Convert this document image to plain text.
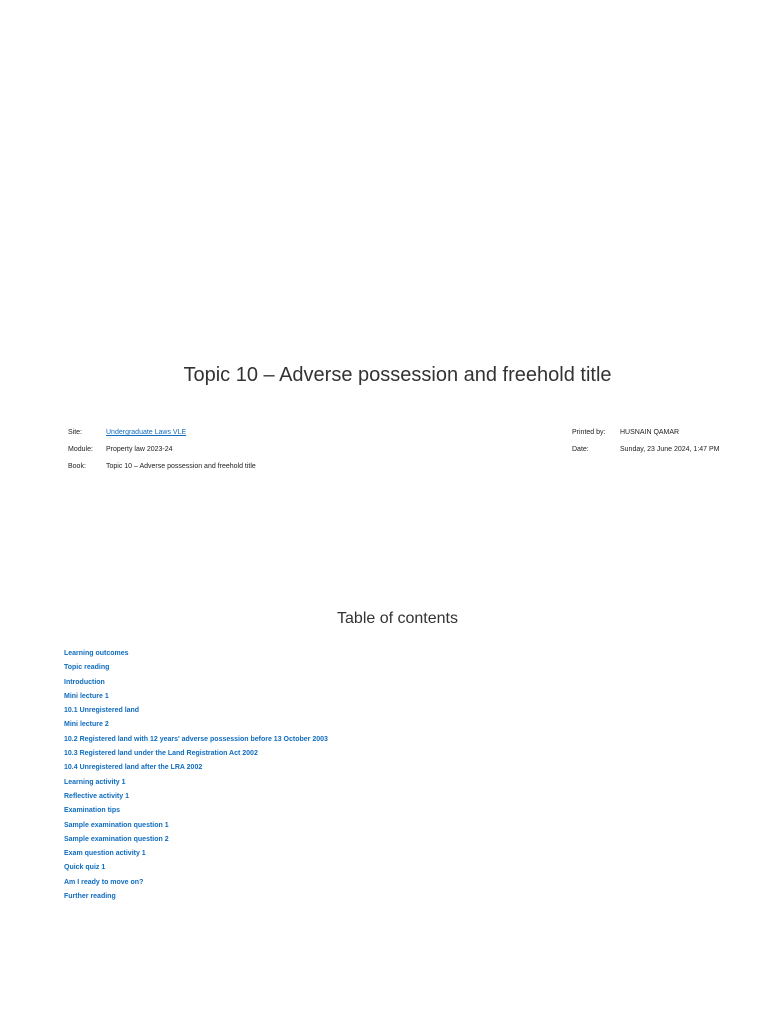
Topic 10 – Adverse possession and freehold title
Site:	Undergraduate Laws VLE
Module: Property law 2023-24
Book:	Topic 10 – Adverse possession and freehold title
Printed by: HUSNAIN QAMAR
Date:	Sunday, 23 June 2024, 1:47 PM
Table of contents
Learning outcomes
Topic reading
Introduction
Mini lecture 1
10.1 Unregistered land
Mini lecture 2
10.2 Registered land with 12 years' adverse possession before 13 October 2003
10.3 Registered land under the Land Registration Act 2002
10.4 Unregistered land after the LRA 2002
Learning activity 1
Reflective activity 1
Examination tips
Sample examination question 1
Sample examination question 2
Exam question activity 1
Quick quiz 1
Am I ready to move on?
Further reading
